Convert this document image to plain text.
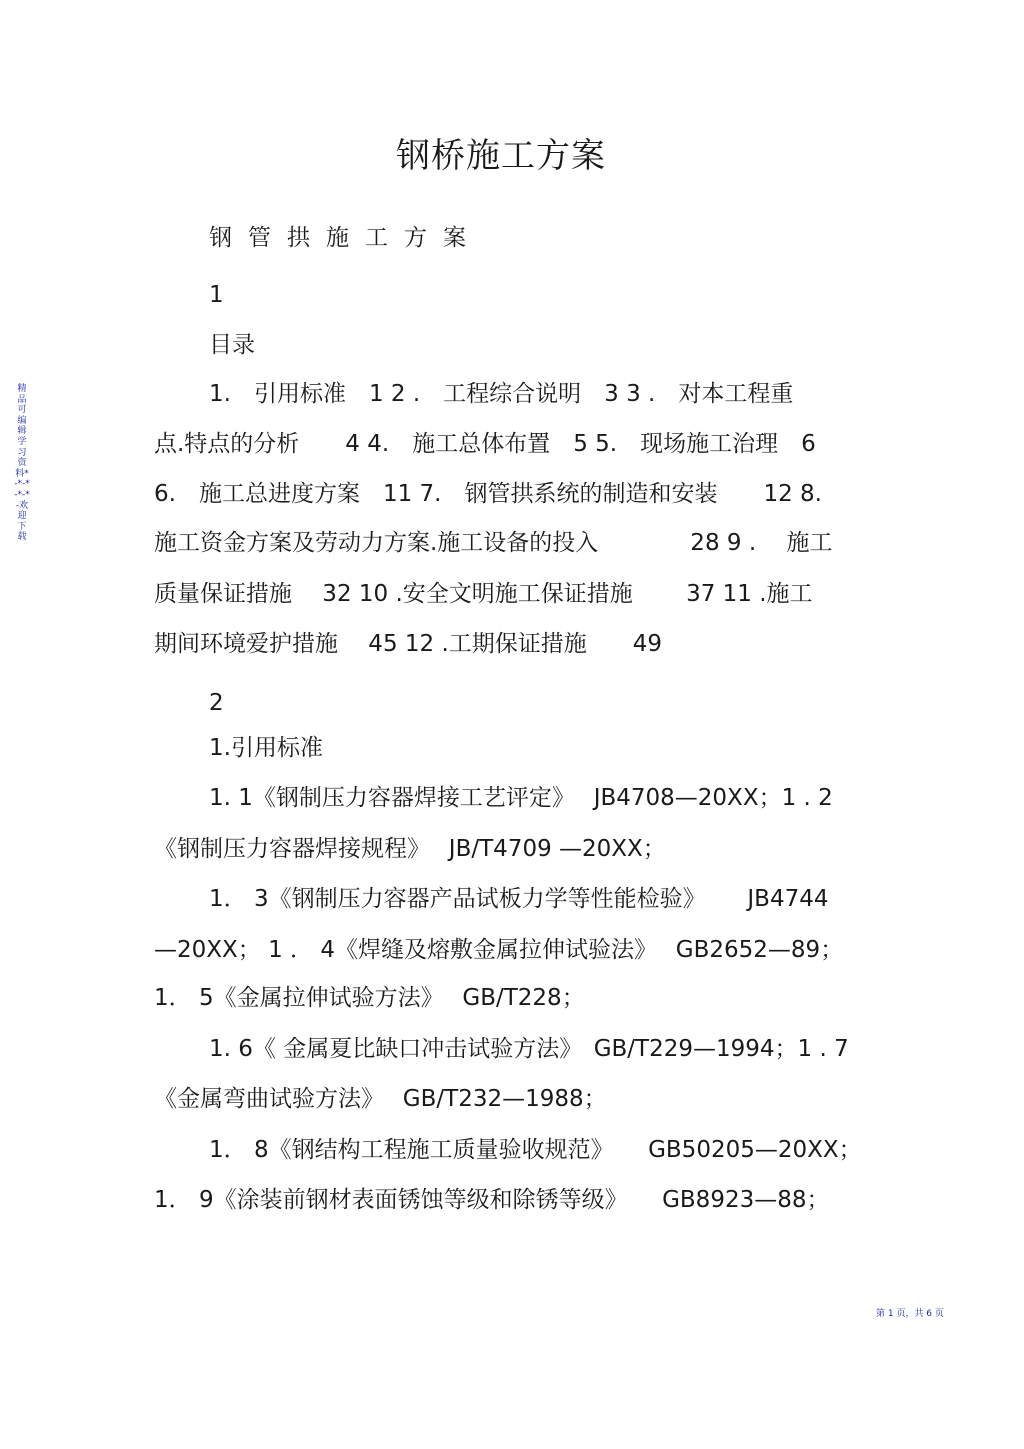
钢桥施工方案
钢管拱施工方案
1
目录
1.　引用标准　1 2 .　工程综合说明　3 3 .　对本工程重
点.特点的分析　　4 4.　施工总体布置　5 5.　现场施工治理　6
6.　施工总进度方案　11 7.　钢管拱系统的制造和安装　　12 8.
施工资金方案及劳动力方案.施工设备的投入　　　　28 9 .　 施工
质量保证措施　 32 10 .安全文明施工保证措施　　 37 11 .施工
期间环境爱护措施　 45 12 .工期保证措施　　49
2
1.引用标准
1. 1《钢制压力容器焊接工艺评定》　 JB4708—20XX；1 . 2
《钢制压力容器焊接规程》　 JB/T4709 —20XX；
1． 3《钢制压力容器产品试板力学等性能检验》　　 JB4744
—20XX； 1 ． 4《焊缝及熔敷金属拉伸试验法》　 GB2652—89；
1． 5《金属拉伸试验方法》　 GB/T228；
1. 6《 金属夏比缺口冲击试验方法》　GB/T229—1994；1 . 7
《金属弯曲试验方法》　 GB/T232—1988；
1． 8《钢结构工程施工质量验收规范》　　GB50205—20XX；
1． 9《涂装前钢材表面锈蚀等级和除锈等级》　　GB8923—88；
精品可编辑学习资料*-*-*-*-*-欢迎下载
第 1 页，共 6 页
